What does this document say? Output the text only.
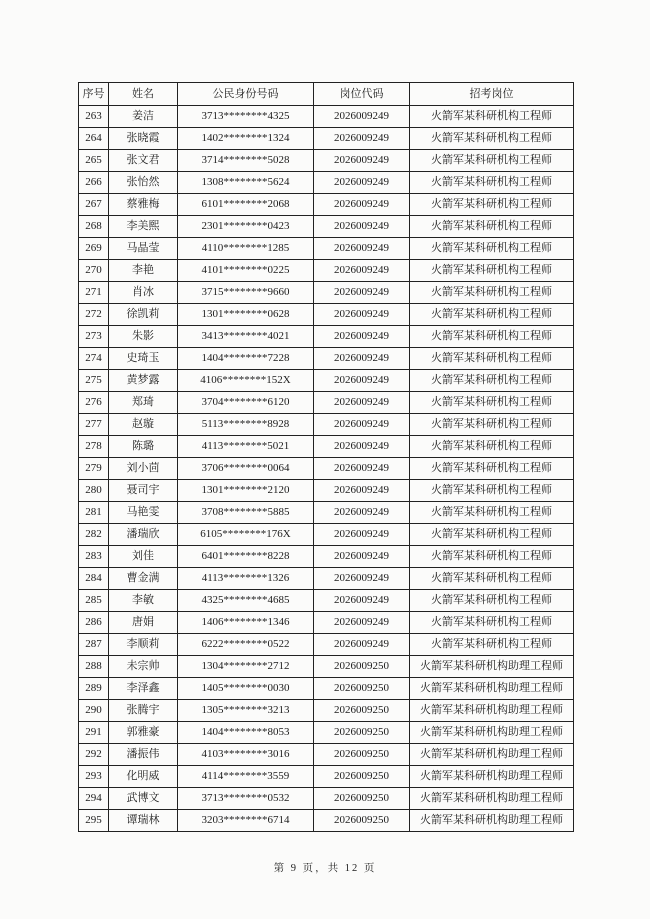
序号	姓名	公民身份号码	岗位代码	招考岗位
263	姜洁	3713********4325	2026009249	火箭军某科研机构工程师
264	张晓霞	1402********1324	2026009249	火箭军某科研机构工程师
265	张文君	3714********5028	2026009249	火箭军某科研机构工程师
266	张怡然	1308********5624	2026009249	火箭军某科研机构工程师
267	蔡雅梅	6101********2068	2026009249	火箭军某科研机构工程师
268	李美熙	2301********0423	2026009249	火箭军某科研机构工程师
269	马晶莹	4110********1285	2026009249	火箭军某科研机构工程师
270	李艳	4101********0225	2026009249	火箭军某科研机构工程师
271	肖冰	3715********9660	2026009249	火箭军某科研机构工程师
272	徐凯莉	1301********0628	2026009249	火箭军某科研机构工程师
273	朱影	3413********4021	2026009249	火箭军某科研机构工程师
274	史琦玉	1404********7228	2026009249	火箭军某科研机构工程师
275	黄梦露	4106********152X	2026009249	火箭军某科研机构工程师
276	郑琦	3704********6120	2026009249	火箭军某科研机构工程师
277	赵璇	5113********8928	2026009249	火箭军某科研机构工程师
278	陈璐	4113********5021	2026009249	火箭军某科研机构工程师
279	刘小茴	3706********0064	2026009249	火箭军某科研机构工程师
280	聂司宇	1301********2120	2026009249	火箭军某科研机构工程师
281	马艳雯	3708********5885	2026009249	火箭军某科研机构工程师
282	潘瑞欣	6105********176X	2026009249	火箭军某科研机构工程师
283	刘佳	6401********8228	2026009249	火箭军某科研机构工程师
284	曹金满	4113********1326	2026009249	火箭军某科研机构工程师
285	李敏	4325********4685	2026009249	火箭军某科研机构工程师
286	唐娟	1406********1346	2026009249	火箭军某科研机构工程师
287	李顺莉	6222********0522	2026009249	火箭军某科研机构工程师
288	未宗帅	1304********2712	2026009250	火箭军某科研机构助理工程师
289	李泽鑫	1405********0030	2026009250	火箭军某科研机构助理工程师
290	张腾宇	1305********3213	2026009250	火箭军某科研机构助理工程师
291	郭雅豪	1404********8053	2026009250	火箭军某科研机构助理工程师
292	潘振伟	4103********3016	2026009250	火箭军某科研机构助理工程师
293	化明威	4114********3559	2026009250	火箭军某科研机构助理工程师
294	武博文	3713********0532	2026009250	火箭军某科研机构助理工程师
295	谭瑞林	3203********6714	2026009250	火箭军某科研机构助理工程师
第 9 页，共 12 页
